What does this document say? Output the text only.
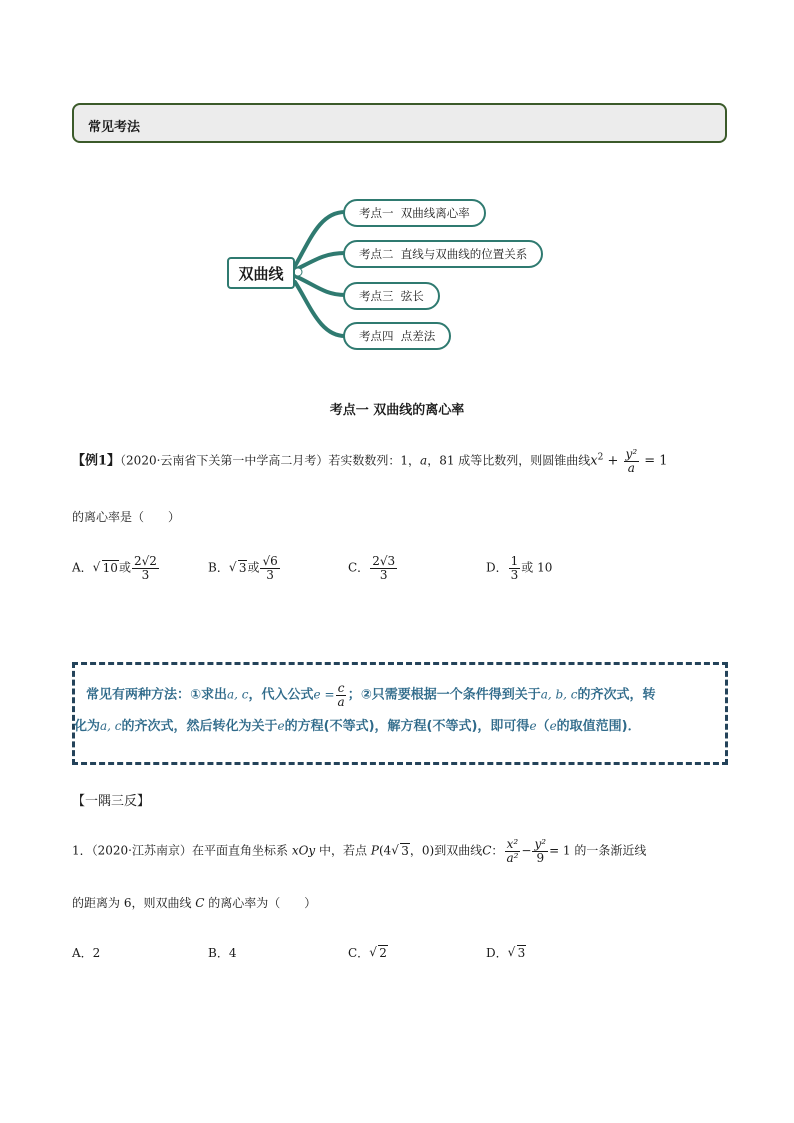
常见考法
双曲线
考点一  双曲线离心率
考点二  直线与双曲线的位置关系
考点三  弦长
考点四  点差法
考点一 双曲线的离心率
【例1】（2020·云南省下关第一中学高二月考）若实数数列：1，a，81 成等比数列，则圆锥曲线$x^2 + \frac{\text{y²}}{a} = 1$
的离心率是（　　）
A． √ 10或 $\frac{2√2}{3}$	B． √ 3或 $\frac{√6}{3}$	C． $\frac{2√3}{3}$	D． $\frac{1}{3}$ 或 10
常见有两种方法：①求出a, c，代入公式$e = \frac{c}{a}$ ；②只需要根据一个条件得到关于a, b, c的齐次式，转
化为a, c的齐次式，然后转化为关于e的方程(不等式)，解方程(不等式)，即可得e（e的取值范围)．
【一隅三反】
1．（2020·江苏南京）在平面直角坐标系 xOy 中，若点 P(4 √ 3，0)到双曲线C： $\frac{\text{x²}}{\text{a²}} - \frac{\text{y²}}{9} = 1$ 的一条渐近线
的距离为 6，则双曲线 C 的离心率为（　　）
A．2	B．4	C． √ 2	D． √ 3
